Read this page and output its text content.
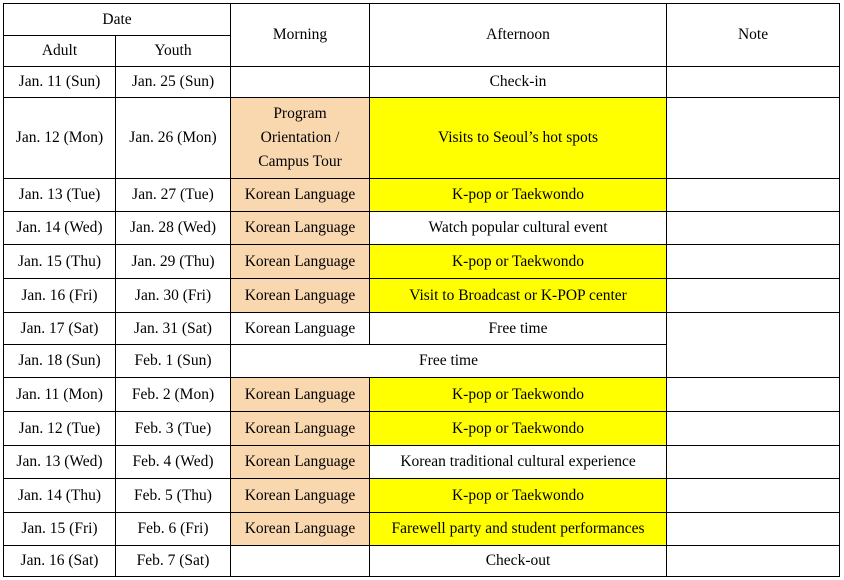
Date		Morning	Afternoon	Note
Adult	Youth			
Jan. 11 (Sun)	Jan. 25 (Sun)		Check-in	
Jan. 12 (Mon)	Jan. 26 (Mon)	Program
Orientation /
Campus Tour	Visits to Seoul’s hot spots	
Jan. 13 (Tue)	Jan. 27 (Tue)	Korean Language	K-pop or Taekwondo	
Jan. 14 (Wed)	Jan. 28 (Wed)	Korean Language	Watch popular cultural event	
Jan. 15 (Thu)	Jan. 29 (Thu)	Korean Language	K-pop or Taekwondo	
Jan. 16 (Fri)	Jan. 30 (Fri)	Korean Language	Visit to Broadcast or K-POP center	
Jan. 17 (Sat)	Jan. 31 (Sat)	Korean Language	Free time	
Jan. 18 (Sun)	Feb. 1 (Sun)	Free time		
Jan. 11 (Mon)	Feb. 2 (Mon)	Korean Language	K-pop or Taekwondo	
Jan. 12 (Tue)	Feb. 3 (Tue)	Korean Language	K-pop or Taekwondo	
Jan. 13 (Wed)	Feb. 4 (Wed)	Korean Language	Korean traditional cultural experience	
Jan. 14 (Thu)	Feb. 5 (Thu)	Korean Language	K-pop or Taekwondo	
Jan. 15 (Fri)	Feb. 6 (Fri)	Korean Language	Farewell party and student performances	
Jan. 16 (Sat)	Feb. 7 (Sat)		Check-out	
